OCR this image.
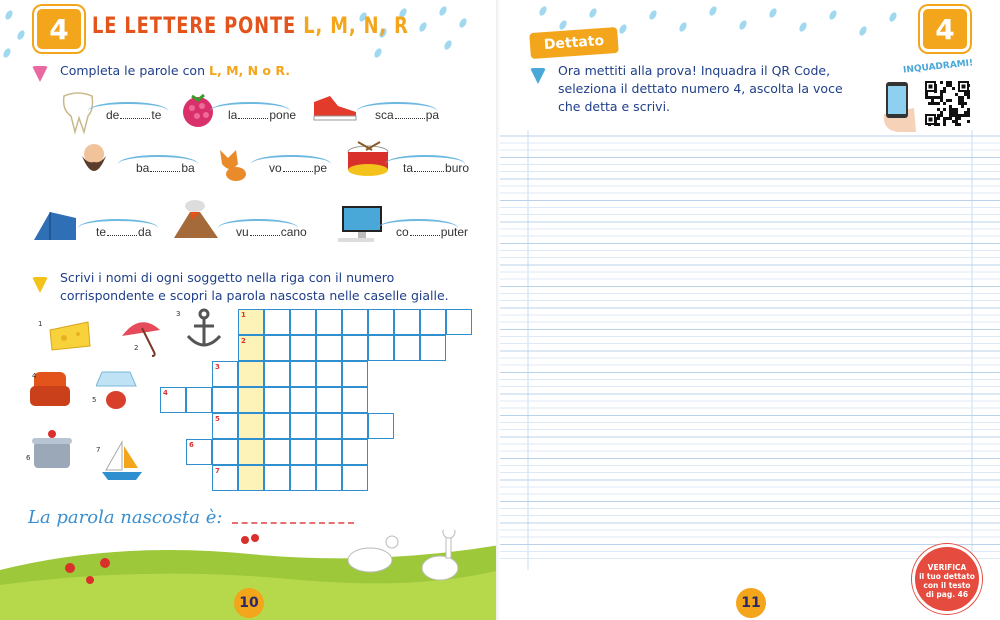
4 LE LETTERE PONTE L, M, N, R
Completa le parole con L, M, N o R.
de	te	la	pone	sca	pa
ba	ba	vo	pe	ta	buro
te	da	vu	cano	co	puter
Scrivi i nomi di ogni soggetto nella riga con il numero corrispondente e scopri la parola nascosta nelle caselle gialle.
1
2
3
4
5
6
7
1
2
3
4
5
6
7
La parola nascosta è:
10
4
Dettato
Ora mettiti alla prova! Inquadra il QR Code, seleziona il dettato numero 4, ascolta la voce che detta e scrivi.
INQUADRAMI!
VERIFICA
il tuo dettato
con il testo
di pag. 46
11
